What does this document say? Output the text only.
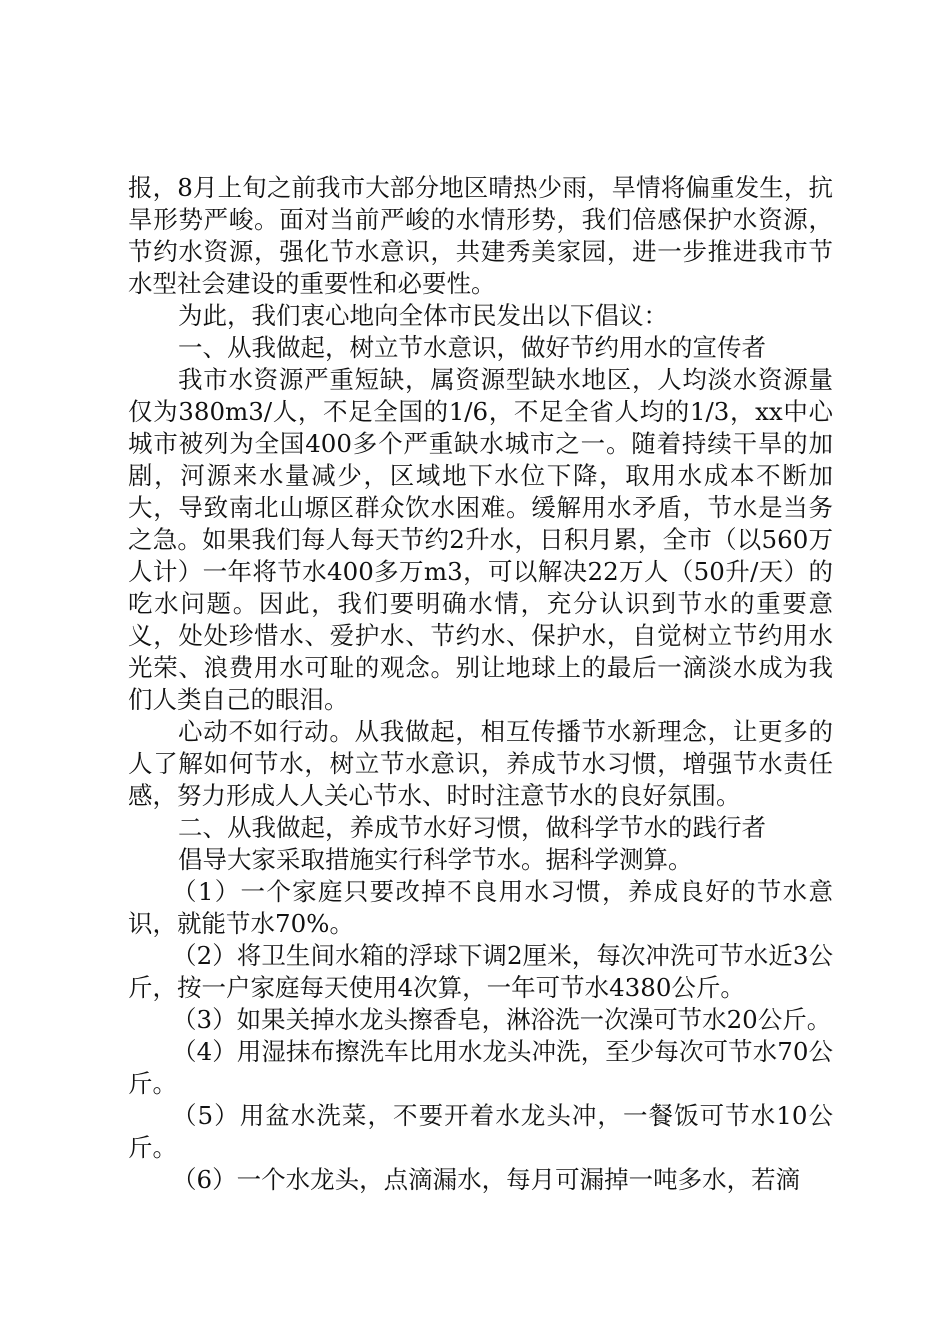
报，8月上旬之前我市大部分地区晴热少雨，旱情将偏重发生，抗旱形势严峻。面对当前严峻的水情形势，我们倍感保护水资源，节约水资源，强化节水意识，共建秀美家园，进一步推进我市节水型社会建设的重要性和必要性。

为此，我们衷心地向全体市民发出以下倡议：

一、从我做起，树立节水意识，做好节约用水的宣传者

我市水资源严重短缺，属资源型缺水地区，人均淡水资源量仅为380m3/人，不足全国的1/6，不足全省人均的1/3，xx中心城市被列为全国400多个严重缺水城市之一。随着持续干旱的加剧，河源来水量减少，区域地下水位下降，取用水成本不断加大，导致南北山塬区群众饮水困难。缓解用水矛盾，节水是当务之急。如果我们每人每天节约2升水，日积月累，全市（以560万人计）一年将节水400多万m3，可以解决22万人（50升/天）的吃水问题。因此，我们要明确水情，充分认识到节水的重要意义，处处珍惜水、爱护水、节约水、保护水，自觉树立节约用水光荣、浪费用水可耻的观念。别让地球上的最后一滴淡水成为我们人类自己的眼泪。

心动不如行动。从我做起，相互传播节水新理念，让更多的人了解如何节水，树立节水意识，养成节水习惯，增强节水责任感，努力形成人人关心节水、时时注意节水的良好氛围。

二、从我做起，养成节水好习惯，做科学节水的践行者

倡导大家采取措施实行科学节水。据科学测算。

（1）一个家庭只要改掉不良用水习惯，养成良好的节水意识，就能节水70%。

（2）将卫生间水箱的浮球下调2厘米，每次冲洗可节水近3公斤，按一户家庭每天使用4次算，一年可节水4380公斤。

（3）如果关掉水龙头擦香皂，淋浴洗一次澡可节水20公斤。

（4）用湿抹布擦洗车比用水龙头冲洗，至少每次可节水70公斤。

（5）用盆水洗菜，不要开着水龙头冲，一餐饭可节水10公斤。

（6）一个水龙头，点滴漏水，每月可漏掉一吨多水，若滴
